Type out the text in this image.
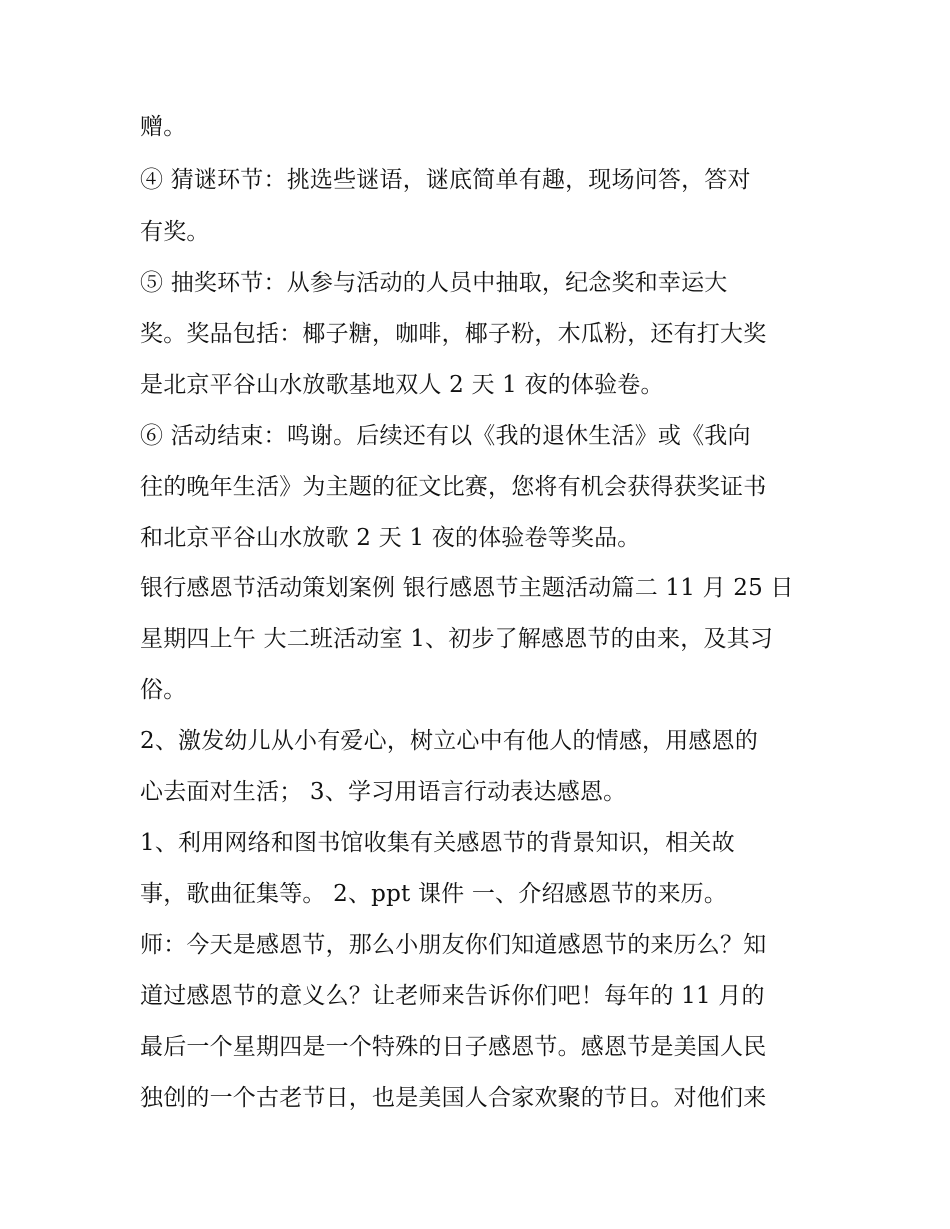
赠。
④ 猜谜环节：挑选些谜语，谜底简单有趣，现场问答，答对
有奖。
⑤ 抽奖环节：从参与活动的人员中抽取，纪念奖和幸运大
奖。奖品包括：椰子糖，咖啡，椰子粉，木瓜粉，还有打大奖
是北京平谷山水放歌基地双人 2 天 1 夜的体验卷。
⑥ 活动结束：鸣谢。后续还有以《我的退休生活》或《我向
往的晚年生活》为主题的征文比赛，您将有机会获得获奖证书
和北京平谷山水放歌 2 天 1 夜的体验卷等奖品。
银行感恩节活动策划案例 银行感恩节主题活动篇二 11 月 25 日
星期四上午 大二班活动室 1、初步了解感恩节的由来，及其习
俗。
2、激发幼儿从小有爱心，树立心中有他人的情感，用感恩的
心去面对生活； 3、学习用语言行动表达感恩。
1、利用网络和图书馆收集有关感恩节的背景知识，相关故
事，歌曲征集等。 2、ppt 课件 一、介绍感恩节的来历。
师：今天是感恩节，那么小朋友你们知道感恩节的来历么？知
道过感恩节的意义么？让老师来告诉你们吧！每年的 11 月的
最后一个星期四是一个特殊的日子感恩节。感恩节是美国人民
独创的一个古老节日，也是美国人合家欢聚的节日。对他们来
